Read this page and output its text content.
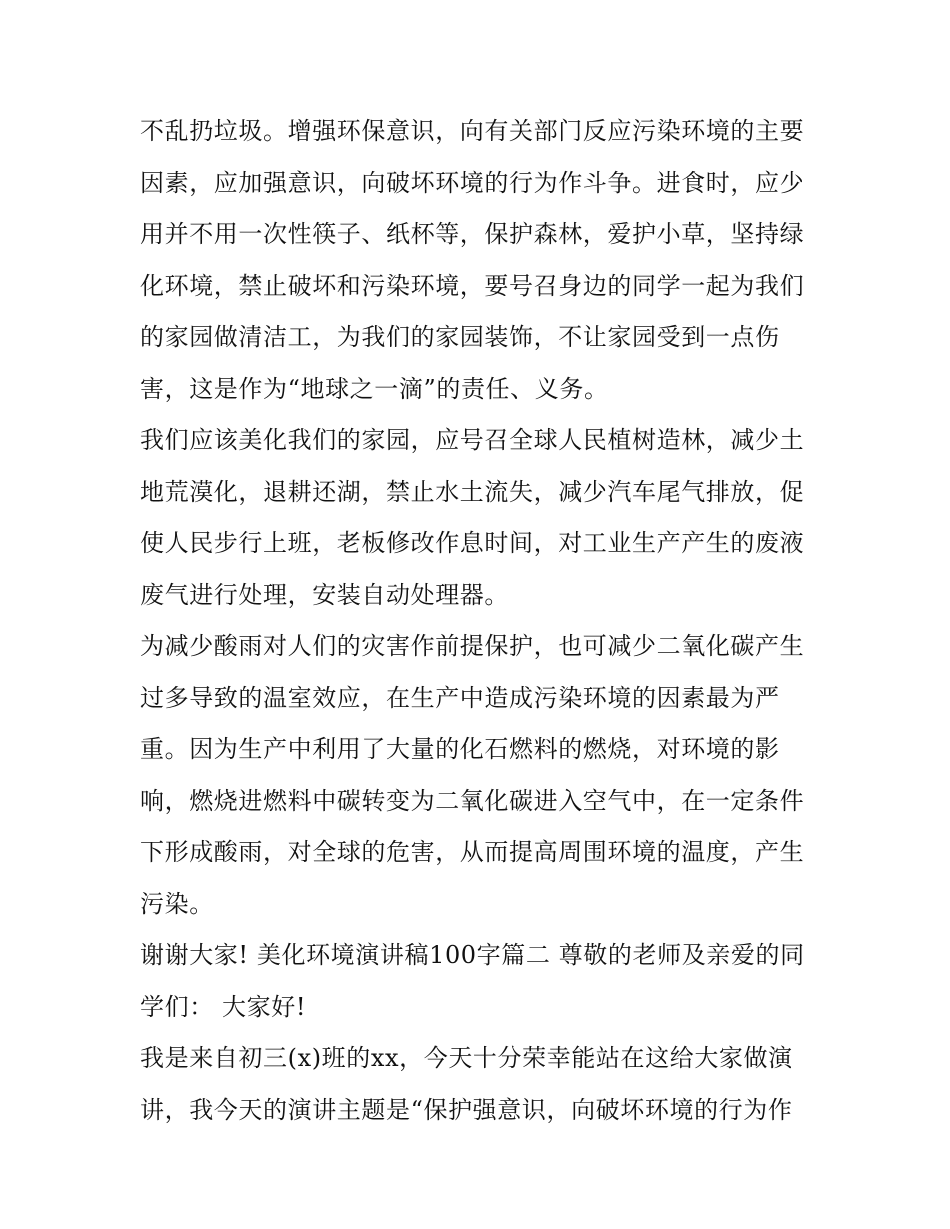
不乱扔垃圾。增强环保意识，向有关部门反应污染环境的主要
因素，应加强意识，向破坏环境的行为作斗争。进食时，应少
用并不用一次性筷子、纸杯等，保护森林，爱护小草，坚持绿
化环境，禁止破坏和污染环境，要号召身边的同学一起为我们
的家园做清洁工，为我们的家园装饰，不让家园受到一点伤
害，这是作为“地球之一滴”的责任、义务。
我们应该美化我们的家园，应号召全球人民植树造林，减少土
地荒漠化，退耕还湖，禁止水土流失，减少汽车尾气排放，促
使人民步行上班，老板修改作息时间，对工业生产产生的废液
废气进行处理，安装自动处理器。
为减少酸雨对人们的灾害作前提保护，也可减少二氧化碳产生
过多导致的温室效应，在生产中造成污染环境的因素最为严
重。因为生产中利用了大量的化石燃料的燃烧，对环境的影
响，燃烧进燃料中碳转变为二氧化碳进入空气中，在一定条件
下形成酸雨，对全球的危害，从而提高周围环境的温度，产生
污染。
谢谢大家! 美化环境演讲稿100字篇二 尊敬的老师及亲爱的同
学们： 大家好!
我是来自初三(x)班的xx，今天十分荣幸能站在这给大家做演
讲，我今天的演讲主题是“保护强意识，向破坏环境的行为作
